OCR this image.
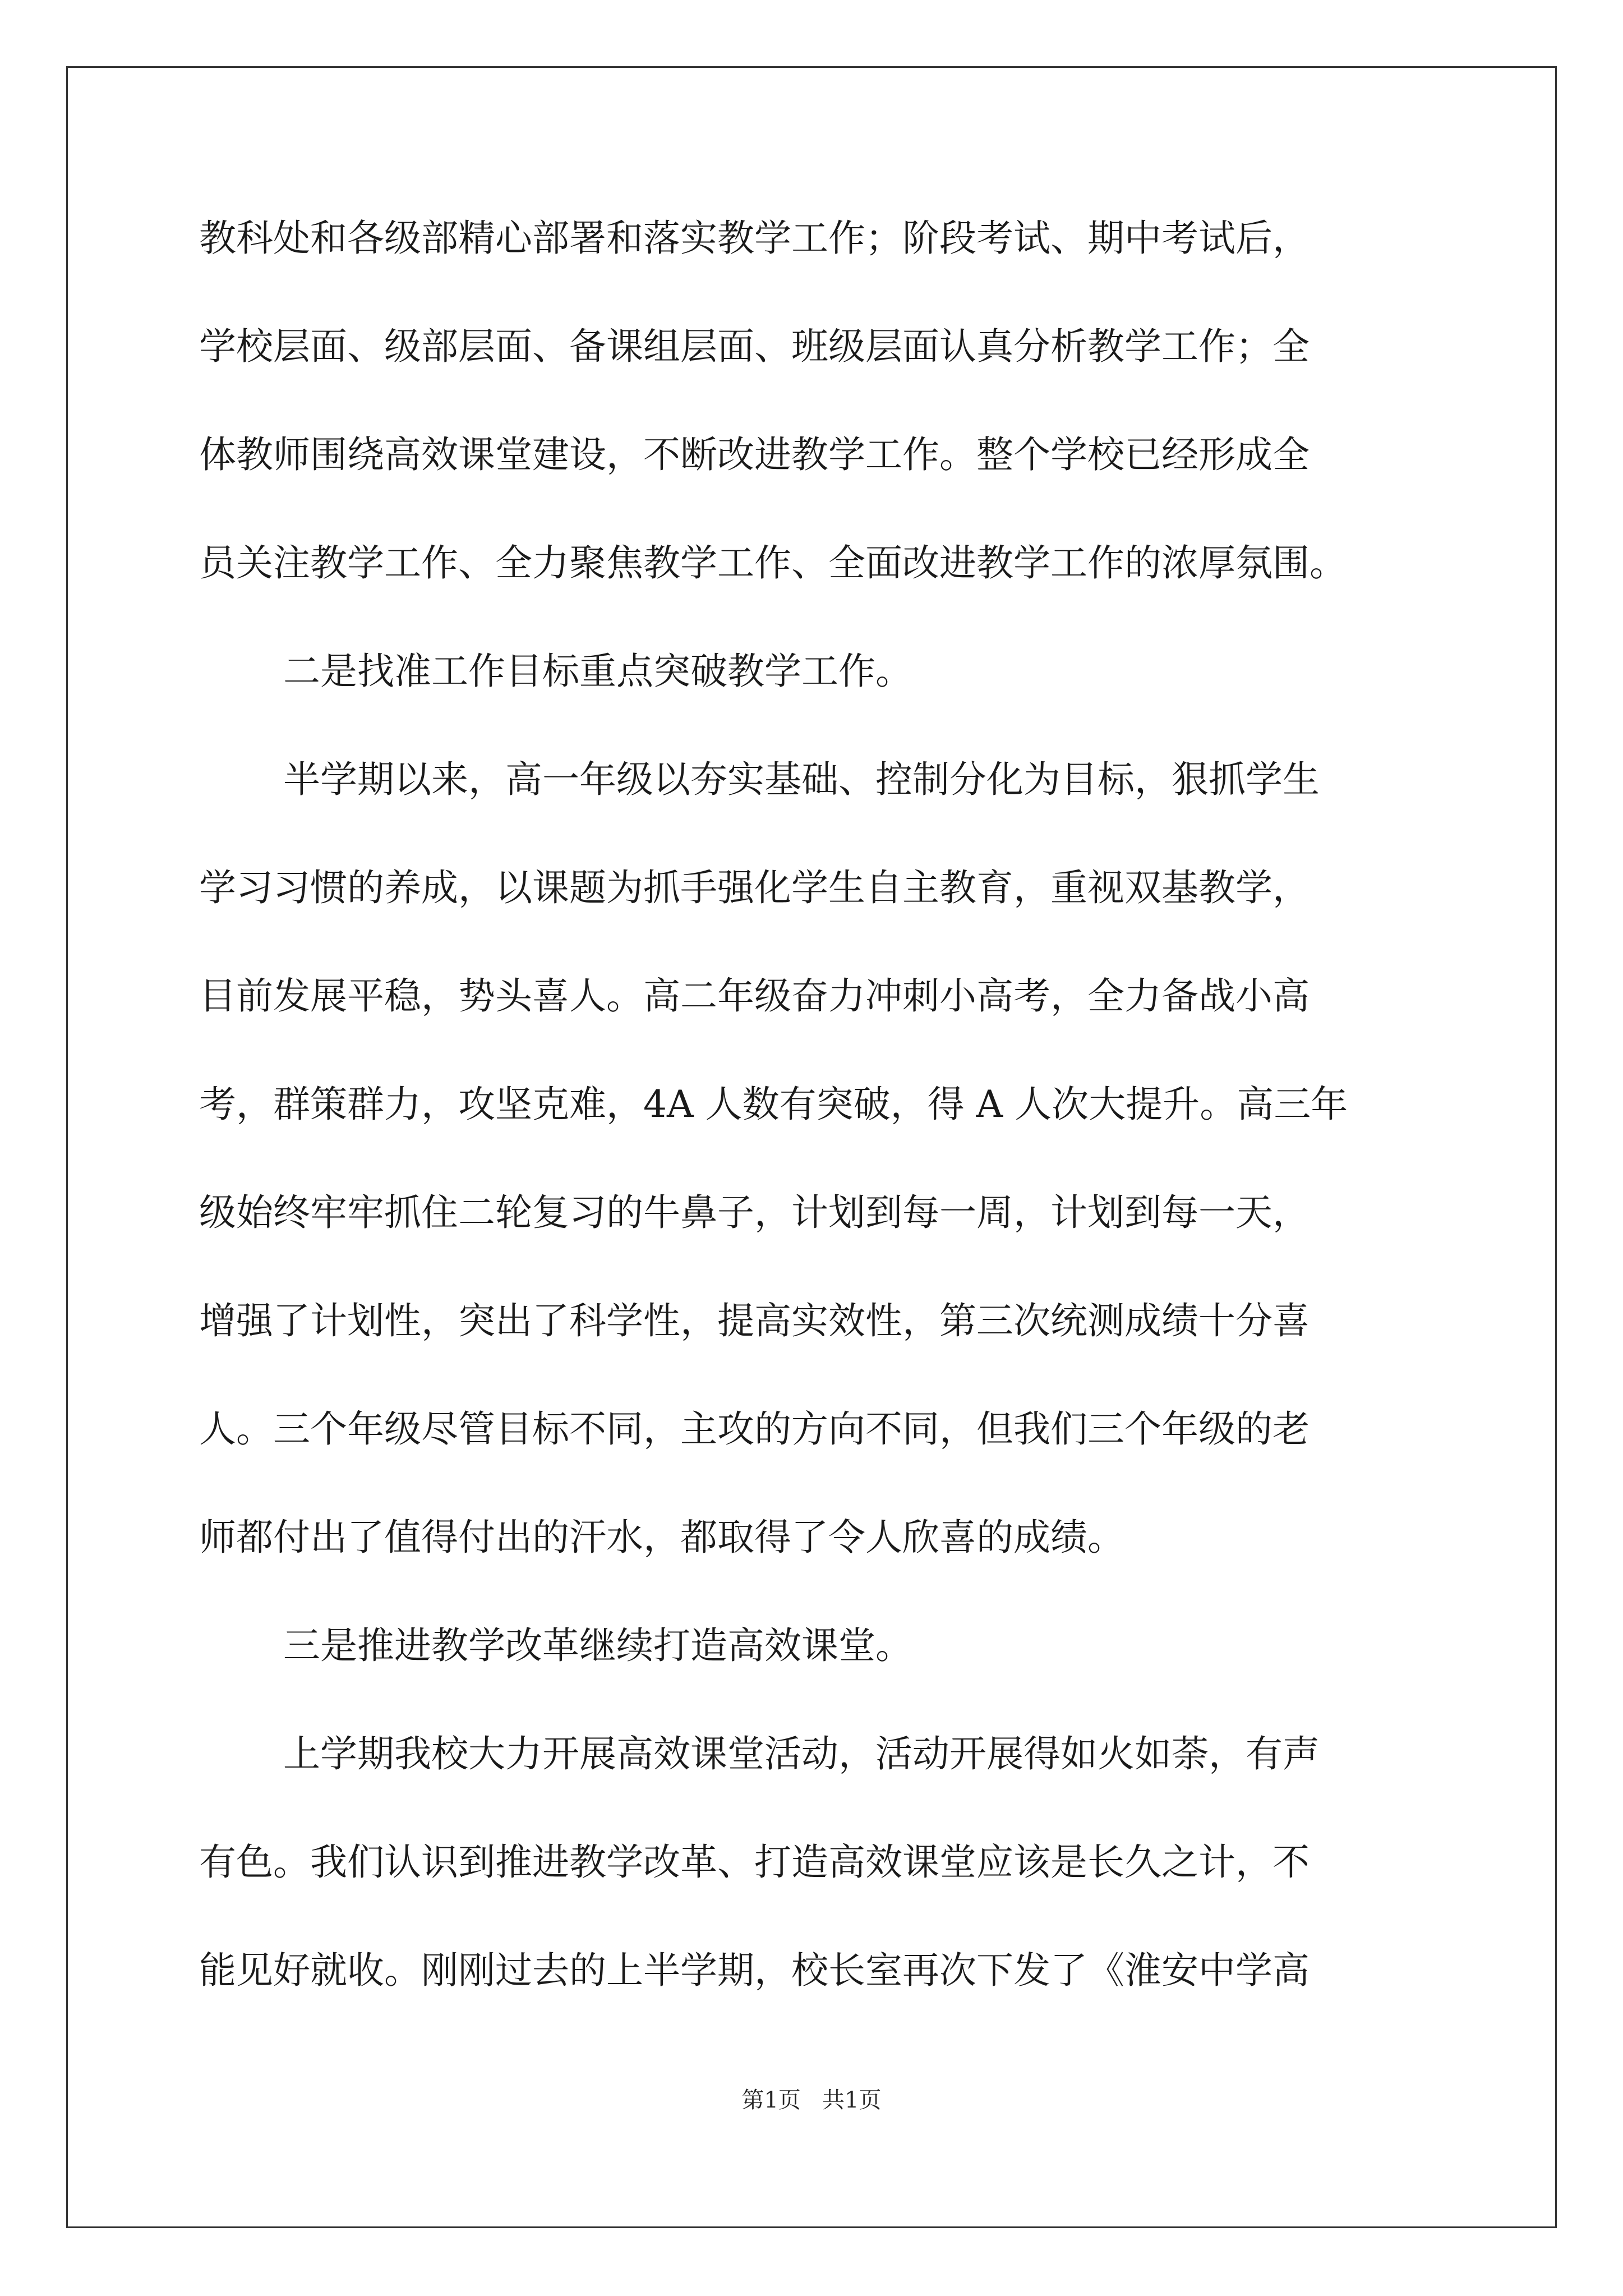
教科处和各级部精心部署和落实教学工作；阶段考试、期中考试后，
学校层面、级部层面、备课组层面、班级层面认真分析教学工作；全
体教师围绕高效课堂建设，不断改进教学工作。整个学校已经形成全
员关注教学工作、全力聚焦教学工作、全面改进教学工作的浓厚氛围。
二是找准工作目标重点突破教学工作。
半学期以来，高一年级以夯实基础、控制分化为目标，狠抓学生
学习习惯的养成，以课题为抓手强化学生自主教育，重视双基教学，
目前发展平稳，势头喜人。高二年级奋力冲刺小高考，全力备战小高
考，群策群力，攻坚克难，4A 人数有突破，得 A 人次大提升。高三年
级始终牢牢抓住二轮复习的牛鼻子，计划到每一周，计划到每一天，
增强了计划性，突出了科学性，提高实效性，第三次统测成绩十分喜
人。三个年级尽管目标不同，主攻的方向不同，但我们三个年级的老
师都付出了值得付出的汗水，都取得了令人欣喜的成绩。
三是推进教学改革继续打造高效课堂。
上学期我校大力开展高效课堂活动，活动开展得如火如荼，有声
有色。我们认识到推进教学改革、打造高效课堂应该是长久之计，不
能见好就收。刚刚过去的上半学期，校长室再次下发了《淮安中学高
第1页   共1页
